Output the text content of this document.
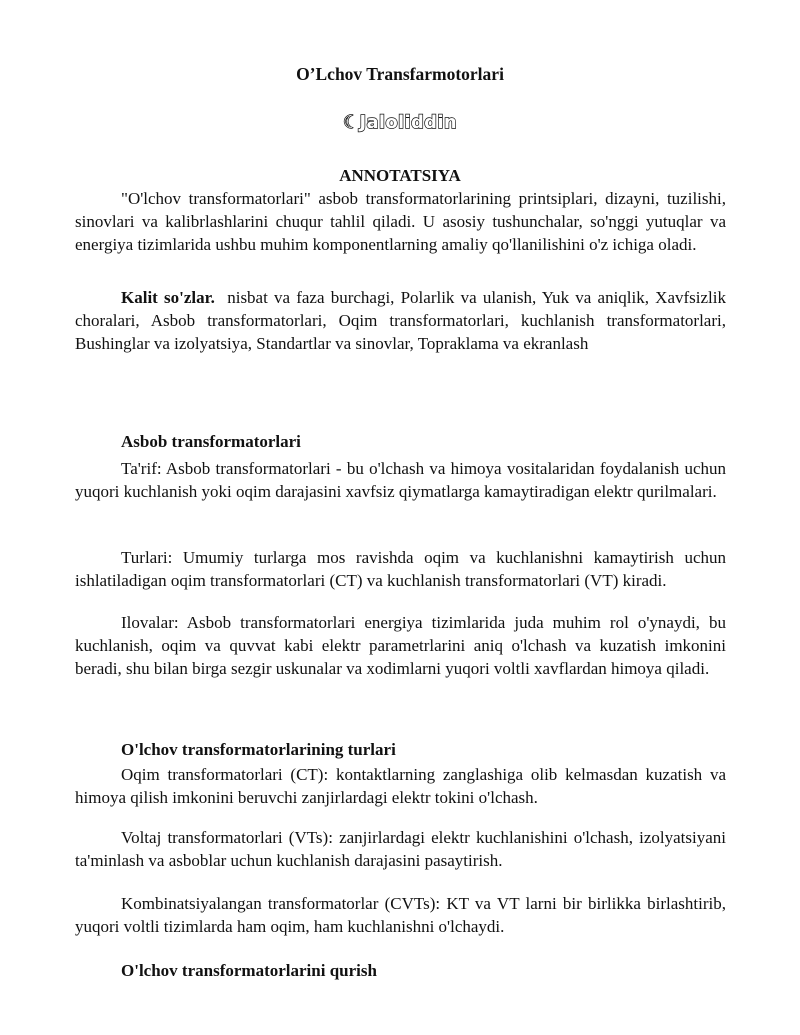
O’Lchov Transfarmotorlari
☾Jaloliddin
ANNOTATSIYA

"O'lchov transformatorlari" asbob transformatorlarining printsiplari, dizayni, tuzilishi, sinovlari va kalibrlashlarini chuqur tahlil qiladi. U asosiy tushunchalar, so'nggi yutuqlar va energiya tizimlarida ushbu muhim komponentlarning amaliy qo'llanilishini o'z ichiga oladi.

Kalit so'zlar. nisbat va faza burchagi, Polarlik va ulanish, Yuk va aniqlik, Xavfsizlik choralari, Asbob transformatorlari, Oqim transformatorlari, kuchlanish transformatorlari, Bushinglar va izolyatsiya, Standartlar va sinovlar, Topraklama va ekranlash

Asbob transformatorlari

Ta'rif: Asbob transformatorlari - bu o'lchash va himoya vositalaridan foydalanish uchun yuqori kuchlanish yoki oqim darajasini xavfsiz qiymatlarga kamaytiradigan elektr qurilmalari.

Turlari: Umumiy turlarga mos ravishda oqim va kuchlanishni kamaytirish uchun ishlatiladigan oqim transformatorlari (CT) va kuchlanish transformatorlari (VT) kiradi.

Ilovalar: Asbob transformatorlari energiya tizimlarida juda muhim rol o'ynaydi, bu kuchlanish, oqim va quvvat kabi elektr parametrlarini aniq o'lchash va kuzatish imkonini beradi, shu bilan birga sezgir uskunalar va xodimlarni yuqori voltli xavflardan himoya qiladi.

O'lchov transformatorlarining turlari

Oqim transformatorlari (CT): kontaktlarning zanglashiga olib kelmasdan kuzatish va himoya qilish imkonini beruvchi zanjirlardagi elektr tokini o'lchash.

Voltaj transformatorlari (VTs): zanjirlardagi elektr kuchlanishini o'lchash, izolyatsiyani ta'minlash va asboblar uchun kuchlanish darajasini pasaytirish.

Kombinatsiyalangan transformatorlar (CVTs): KT va VT larni bir birlikka birlashtirib, yuqori voltli tizimlarda ham oqim, ham kuchlanishni o'lchaydi.

O'lchov transformatorlarini qurish
